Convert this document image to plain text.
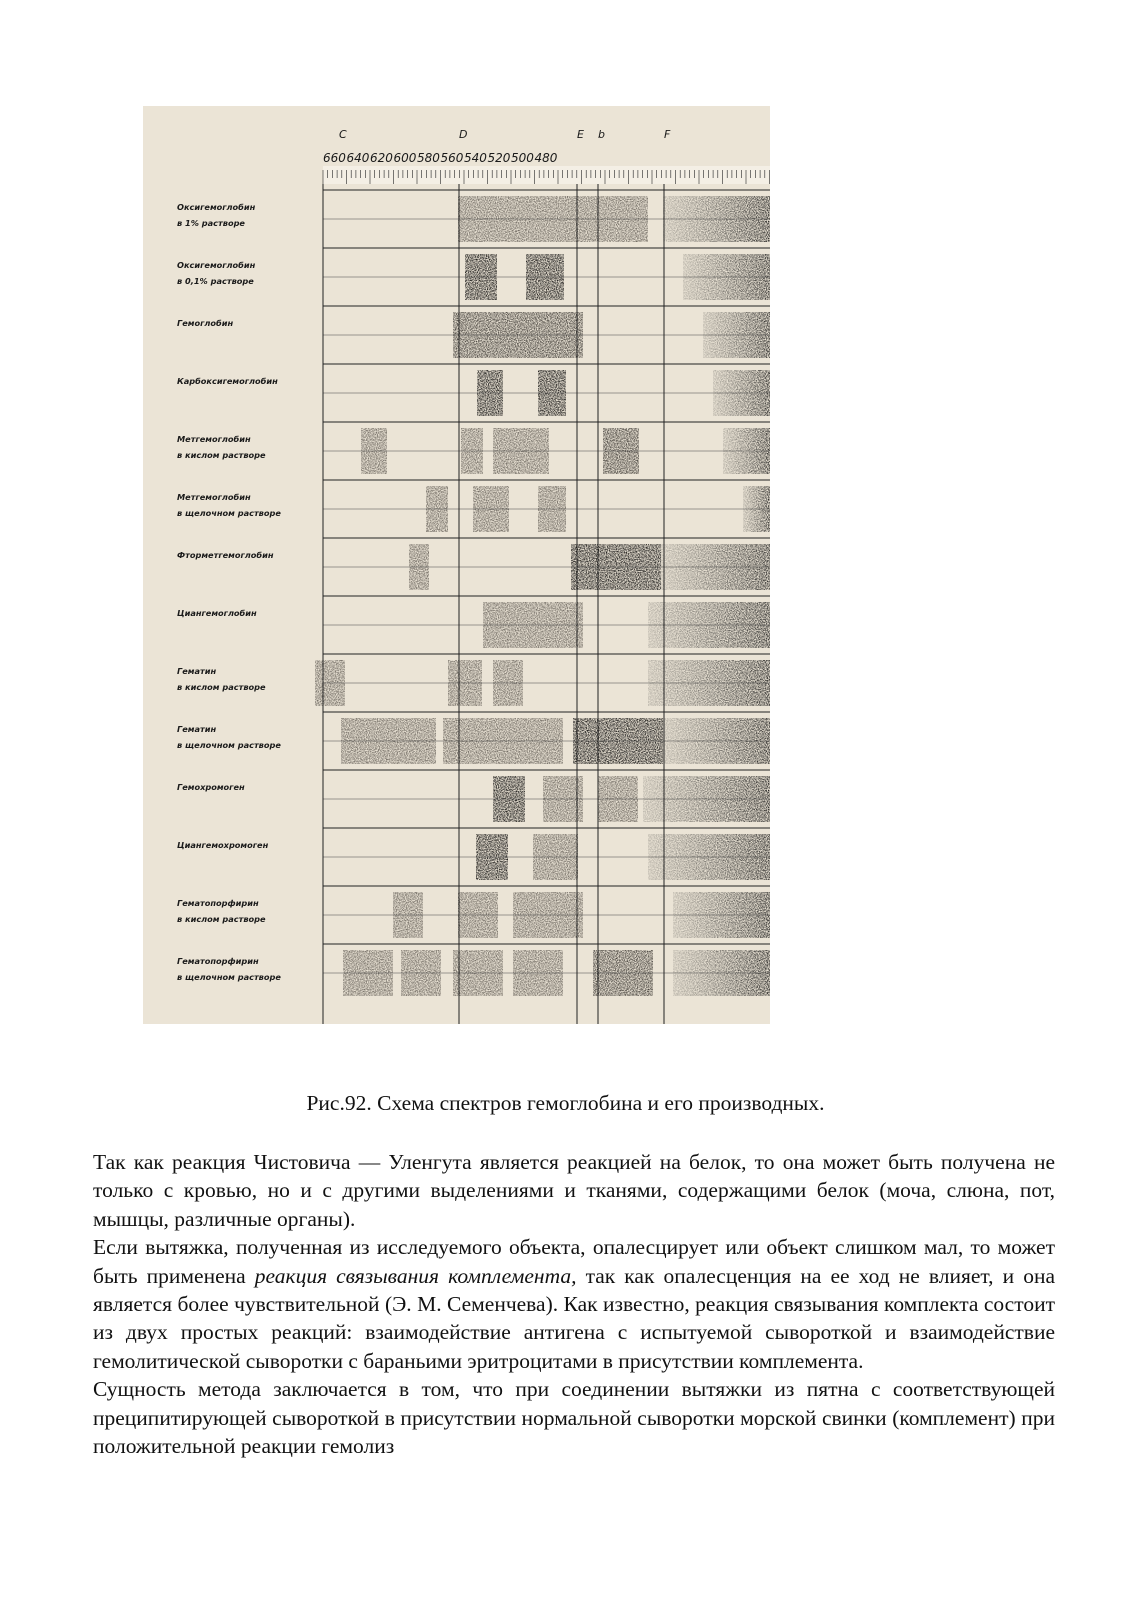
660 640 620 600 580 560 540 520 500 480
C	D	E b	F
Оксигемоглобин
в 1% растворе
Оксигемоглобин
в 0,1% растворе
Гемоглобин
Карбоксигемоглобин
Метгемоглобин
в кислом растворе
Метгемоглобин
в щелочном растворе
Фторметгемоглобин
Циангемоглобин
Гематин
в кислом растворе
Гематин
в щелочном растворе
Гемохромоген
Циангемохромоген
Гематопорфирин
в кислом растворе
Гематопорфирин
в щелочном растворе
Рис.92. Схема спектров гемоглобина и его производных.

Так как реакция Чистовича — Уленгута является реакцией на белок, то она может быть получена не только с кровью, но и с другими выделениями и тканями, содержащими белок (моча, слюна, пот, мышцы, различные органы).

Если вытяжка, полученная из исследуемого объекта, опалесцирует или объект слишком мал, то может быть применена реакция связывания комплемента, так как опалесценция на ее ход не влияет, и она является более чувствительной (Э. М. Семенчева). Как известно, реакция связывания комплекта состоит из двух простых реакций: взаимодействие антигена с испытуемой сывороткой и взаимодействие гемолитической сыворотки с бараньими эритроцитами в присутствии комплемента.

Сущность метода заключается в том, что при соединении вытяжки из пятна с соответствующей преципитирующей сывороткой в присутствии нормальной сыворотки морской свинки (комплемент) при положительной реакции гемолиз
